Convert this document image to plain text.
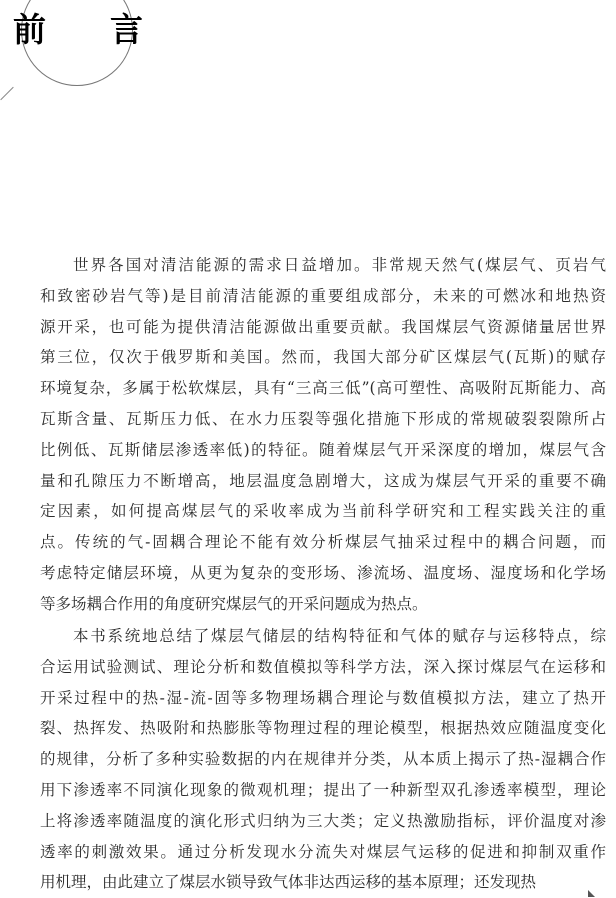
前 言
世界各国对清洁能源的需求日益增加。非常规天然气(煤层气、页岩气
和致密砂岩气等)是目前清洁能源的重要组成部分，未来的可燃冰和地热资
源开采，也可能为提供清洁能源做出重要贡献。我国煤层气资源储量居世界
第三位，仅次于俄罗斯和美国。然而，我国大部分矿区煤层气(瓦斯)的赋存
环境复杂，多属于松软煤层，具有“三高三低”(高可塑性、高吸附瓦斯能力、高
瓦斯含量、瓦斯压力低、在水力压裂等强化措施下形成的常规破裂裂隙所占
比例低、瓦斯储层渗透率低)的特征。随着煤层气开采深度的增加，煤层气含
量和孔隙压力不断增高，地层温度急剧增大，这成为煤层气开采的重要不确
定因素，如何提高煤层气的采收率成为当前科学研究和工程实践关注的重
点。传统的气-固耦合理论不能有效分析煤层气抽采过程中的耦合问题，而
考虑特定储层环境，从更为复杂的变形场、渗流场、温度场、湿度场和化学场
等多场耦合作用的角度研究煤层气的开采问题成为热点。
本书系统地总结了煤层气储层的结构特征和气体的赋存与运移特点，综
合运用试验测试、理论分析和数值模拟等科学方法，深入探讨煤层气在运移和
开采过程中的热-湿-流-固等多物理场耦合理论与数值模拟方法，建立了热开
裂、热挥发、热吸附和热膨胀等物理过程的理论模型，根据热效应随温度变化
的规律，分析了多种实验数据的内在规律并分类，从本质上揭示了热-湿耦合作
用下渗透率不同演化现象的微观机理；提出了一种新型双孔渗透率模型，理论
上将渗透率随温度的演化形式归纳为三大类；定义热激励指标，评价温度对渗
透率的刺激效果。通过分析发现水分流失对煤层气运移的促进和抑制双重作
用机理，由此建立了煤层水锁导致气体非达西运移的基本原理；还发现热
